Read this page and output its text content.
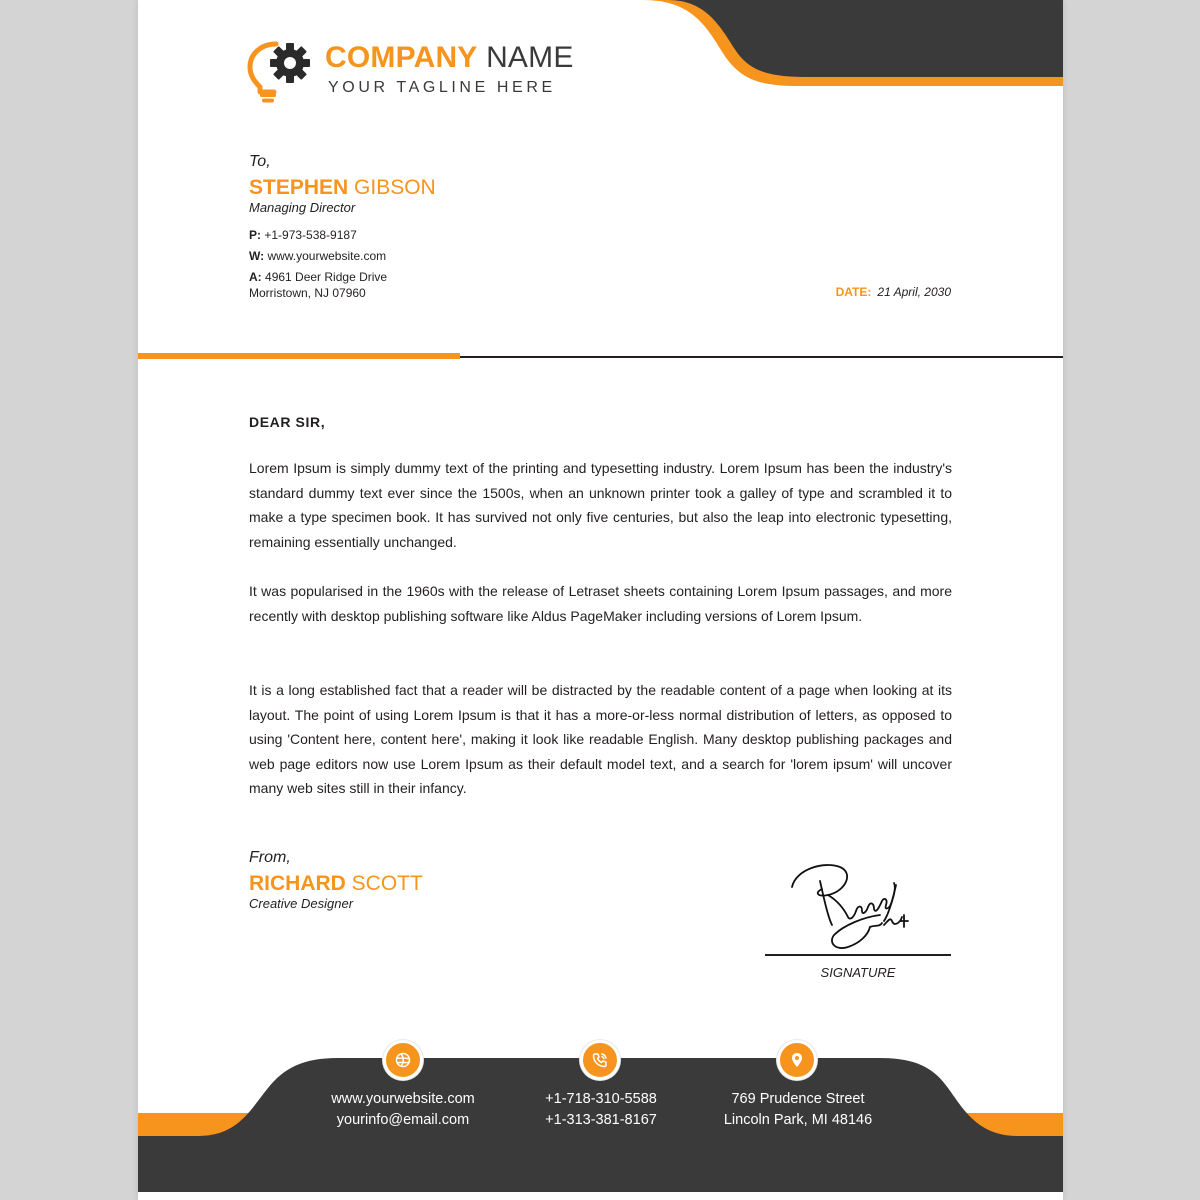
COMPANY NAME
YOUR TAGLINE HERE
To,
STEPHEN GIBSON
Managing Director
P: +1-973-538-9187
W: www.yourwebsite.com
A: 4961 Deer Ridge Drive
Morristown, NJ 07960	DATE: 21 April, 2030
DEAR SIR,
Lorem Ipsum is simply dummy text of the printing and typesetting industry. Lorem Ipsum has been the industry's standard dummy text ever since the 1500s, when an unknown printer took a galley of type and scrambled it to make a type specimen book. It has survived not only five centuries, but also the leap into electronic typesetting, remaining essentially unchanged.
It was popularised in the 1960s with the release of Letraset sheets containing Lorem Ipsum passages, and more recently with desktop publishing software like Aldus PageMaker including versions of Lorem Ipsum.
It is a long established fact that a reader will be distracted by the readable content of a page when looking at its layout. The point of using Lorem Ipsum is that it has a more-or-less normal distribution of letters, as opposed to using 'Content here, content here', making it look like readable English. Many desktop publishing packages and web page editors now use Lorem Ipsum as their default model text, and a search for 'lorem ipsum' will uncover many web sites still in their infancy.
From,
RICHARD SCOTT
Creative Designer
SIGNATURE
www.yourwebsite.com
yourinfo@email.com
+1-718-310-5588
+1-313-381-8167
769 Prudence Street
Lincoln Park, MI 48146
